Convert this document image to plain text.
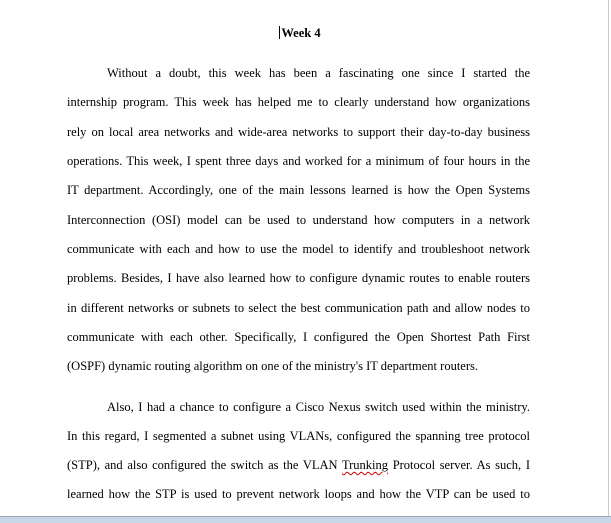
Week 4
Without a doubt, this week has been a fascinating one since I started the
internship program. This week has helped me to clearly understand how organizations
rely on local area networks and wide-area networks to support their day-to-day business
operations. This week, I spent three days and worked for a minimum of four hours in the
IT department. Accordingly, one of the main lessons learned is how the Open Systems
Interconnection (OSI) model can be used to understand how computers in a network
communicate with each and how to use the model to identify and troubleshoot network
problems. Besides, I have also learned how to configure dynamic routes to enable routers
in different networks or subnets to select the best communication path and allow nodes to
communicate with each other. Specifically, I configured the Open Shortest Path First
(OSPF) dynamic routing algorithm on one of the ministry's IT department routers.
Also, I had a chance to configure a Cisco Nexus switch used within the ministry.
In this regard, I segmented a subnet using VLANs, configured the spanning tree protocol
(STP), and also configured the switch as the VLAN Trunking Protocol server. As such, I
learned how the STP is used to prevent network loops and how the VTP can be used to
